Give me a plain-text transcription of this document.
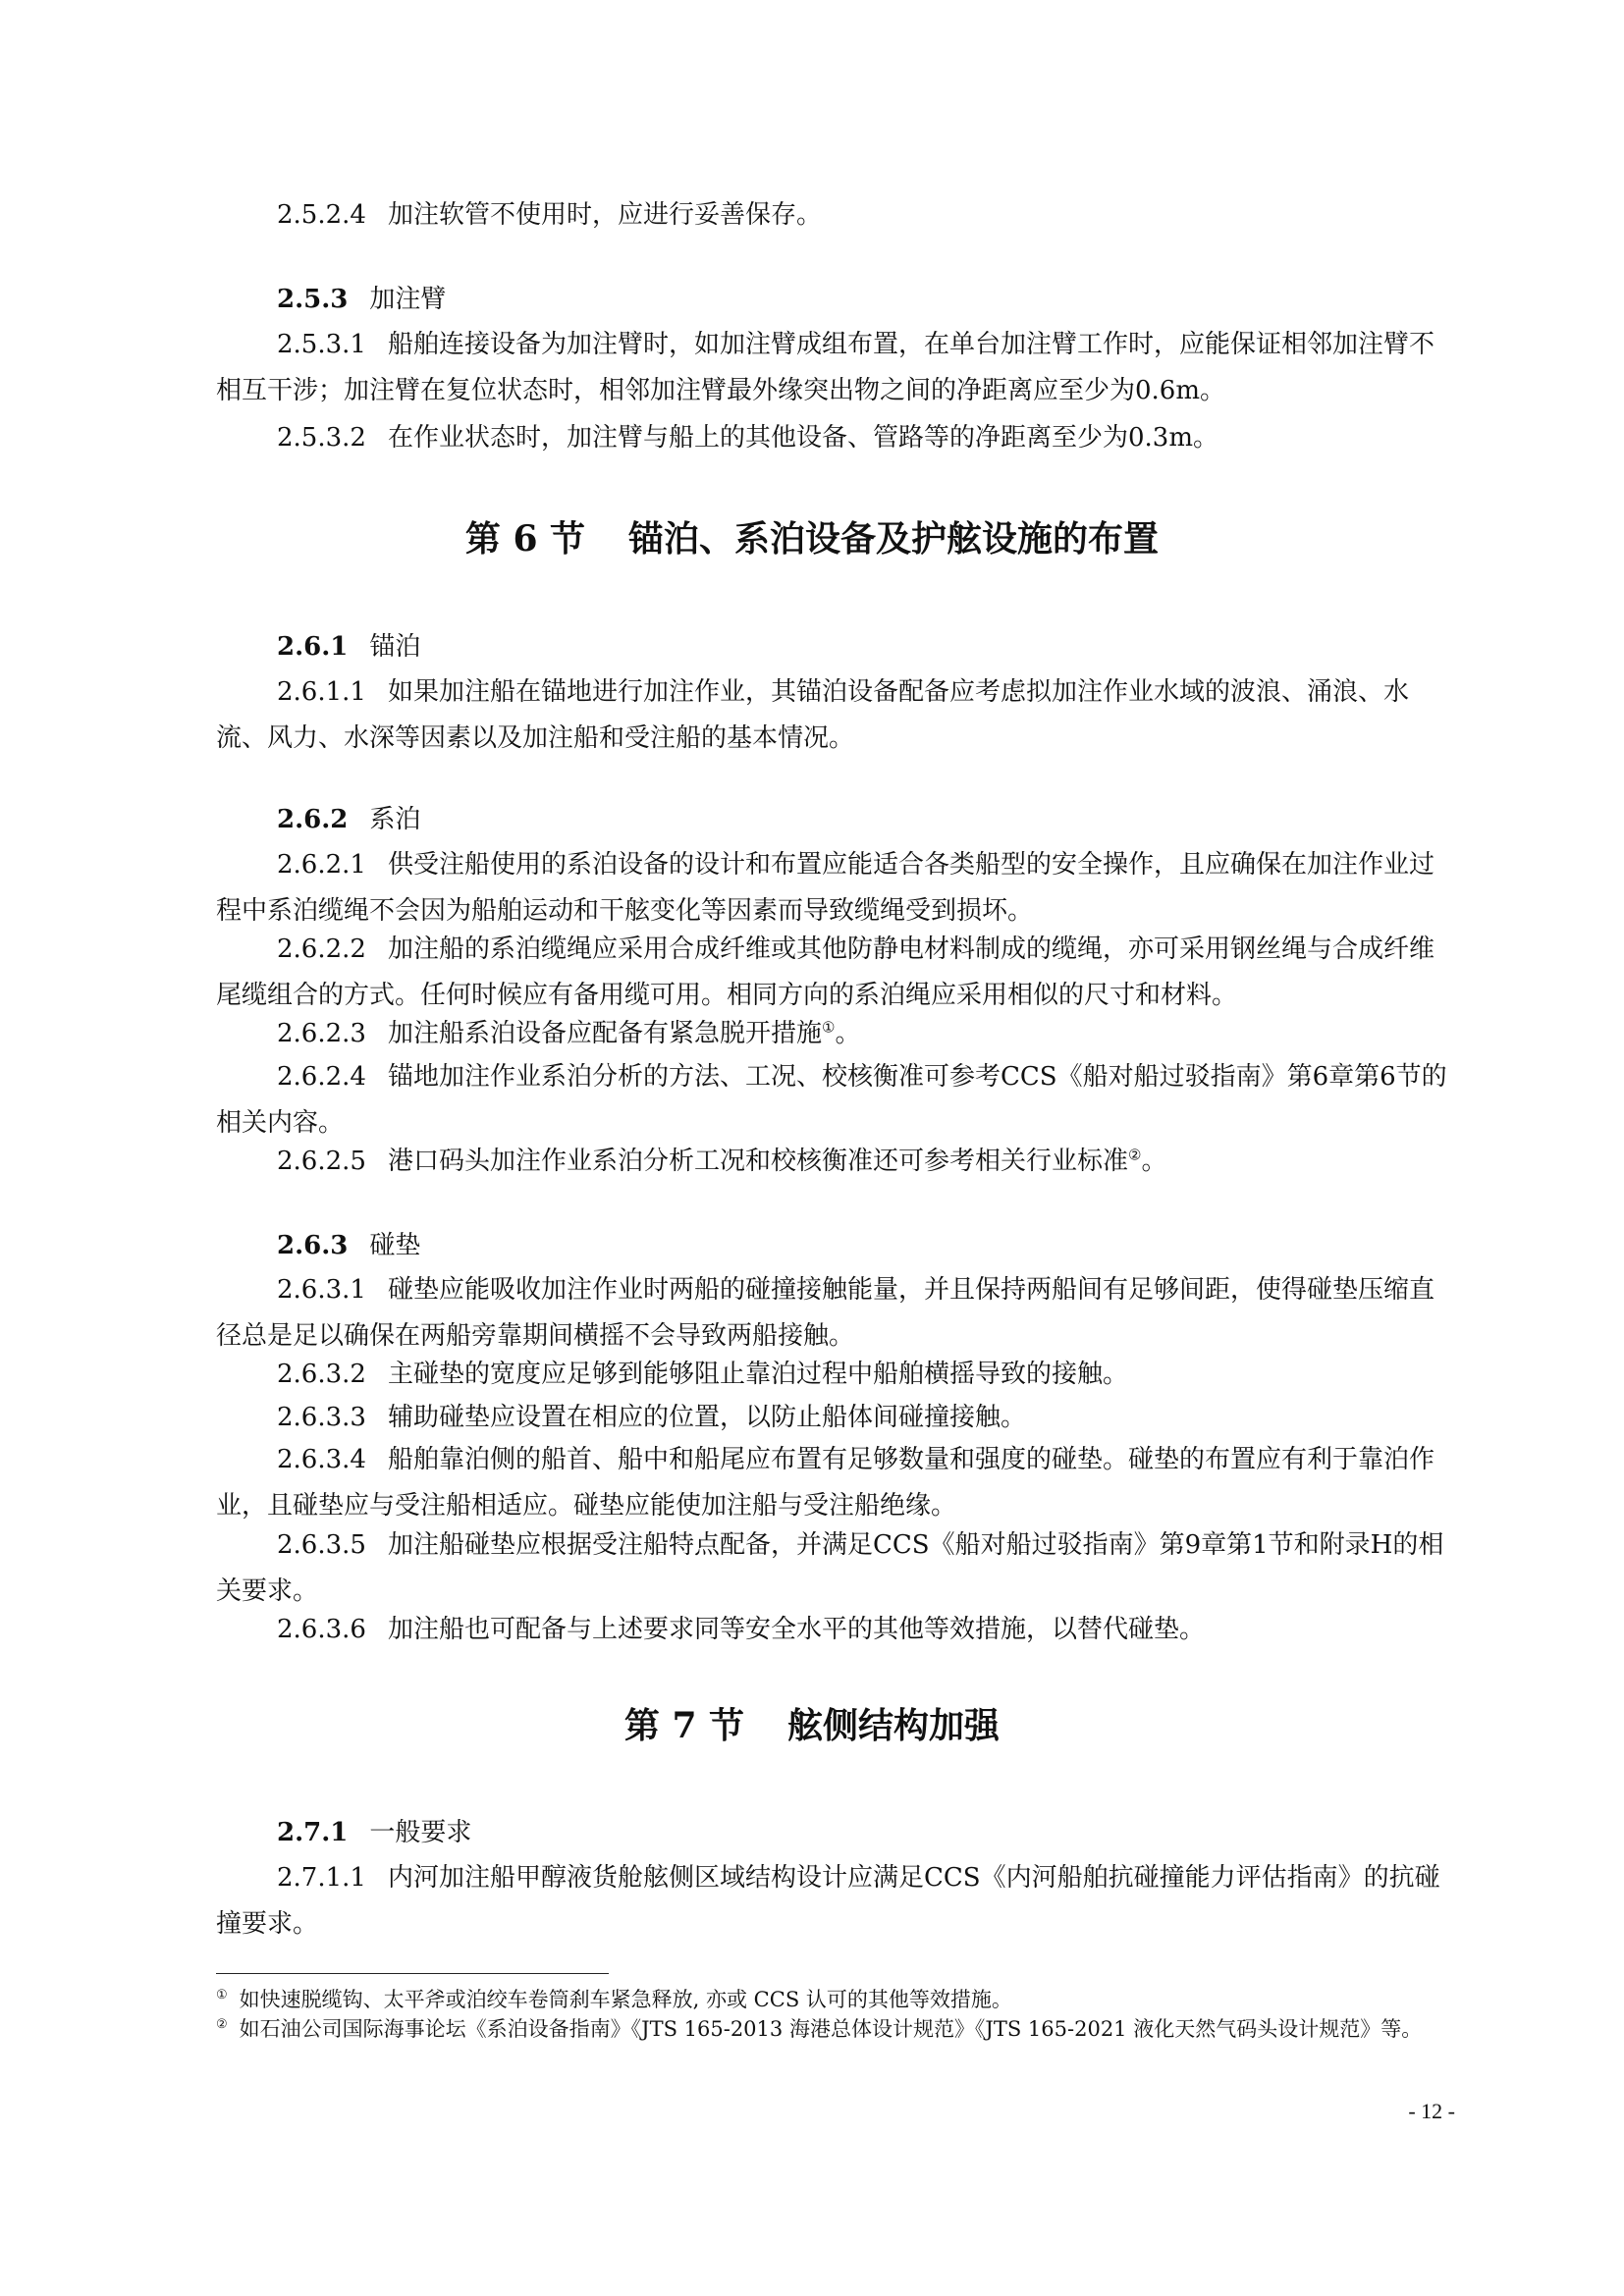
2.5.2.4 加注软管不使用时，应进行妥善保存。

2.5.3 加注臂

2.5.3.1 船舶连接设备为加注臂时，如加注臂成组布置，在单台加注臂工作时，应能保证相邻加注臂不相互干涉；加注臂在复位状态时，相邻加注臂最外缘突出物之间的净距离应至少为0.6m。

2.5.3.2 在作业状态时，加注臂与船上的其他设备、管路等的净距离至少为0.3m。

第 6 节 锚泊、系泊设备及护舷设施的布置

2.6.1 锚泊

2.6.1.1 如果加注船在锚地进行加注作业，其锚泊设备配备应考虑拟加注作业水域的波浪、涌浪、水流、风力、水深等因素以及加注船和受注船的基本情况。

2.6.2 系泊

2.6.2.1 供受注船使用的系泊设备的设计和布置应能适合各类船型的安全操作，且应确保在加注作业过程中系泊缆绳不会因为船舶运动和干舷变化等因素而导致缆绳受到损坏。

2.6.2.2 加注船的系泊缆绳应采用合成纤维或其他防静电材料制成的缆绳，亦可采用钢丝绳与合成纤维尾缆组合的方式。任何时候应有备用缆可用。相同方向的系泊绳应采用相似的尺寸和材料。

2.6.2.3 加注船系泊设备应配备有紧急脱开措施①。

2.6.2.4 锚地加注作业系泊分析的方法、工况、校核衡准可参考CCS《船对船过驳指南》第6章第6节的相关内容。

2.6.2.5 港口码头加注作业系泊分析工况和校核衡准还可参考相关行业标准②。

2.6.3 碰垫

2.6.3.1 碰垫应能吸收加注作业时两船的碰撞接触能量，并且保持两船间有足够间距，使得碰垫压缩直径总是足以确保在两船旁靠期间横摇不会导致两船接触。

2.6.3.2 主碰垫的宽度应足够到能够阻止靠泊过程中船舶横摇导致的接触。

2.6.3.3 辅助碰垫应设置在相应的位置，以防止船体间碰撞接触。

2.6.3.4 船舶靠泊侧的船首、船中和船尾应布置有足够数量和强度的碰垫。碰垫的布置应有利于靠泊作业，且碰垫应与受注船相适应。碰垫应能使加注船与受注船绝缘。

2.6.3.5 加注船碰垫应根据受注船特点配备，并满足CCS《船对船过驳指南》第9章第1节和附录H的相关要求。

2.6.3.6 加注船也可配备与上述要求同等安全水平的其他等效措施，以替代碰垫。

第 7 节 舷侧结构加强

2.7.1 一般要求

2.7.1.1 内河加注船甲醇液货舱舷侧区域结构设计应满足CCS《内河船舶抗碰撞能力评估指南》的抗碰撞要求。

① 如快速脱缆钩、太平斧或泊绞车卷筒刹车紧急释放, 亦或 CCS 认可的其他等效措施。

② 如石油公司国际海事论坛《系泊设备指南》《JTS 165-2013 海港总体设计规范》《JTS 165-2021 液化天然气码头设计规范》等。

- 12 -
